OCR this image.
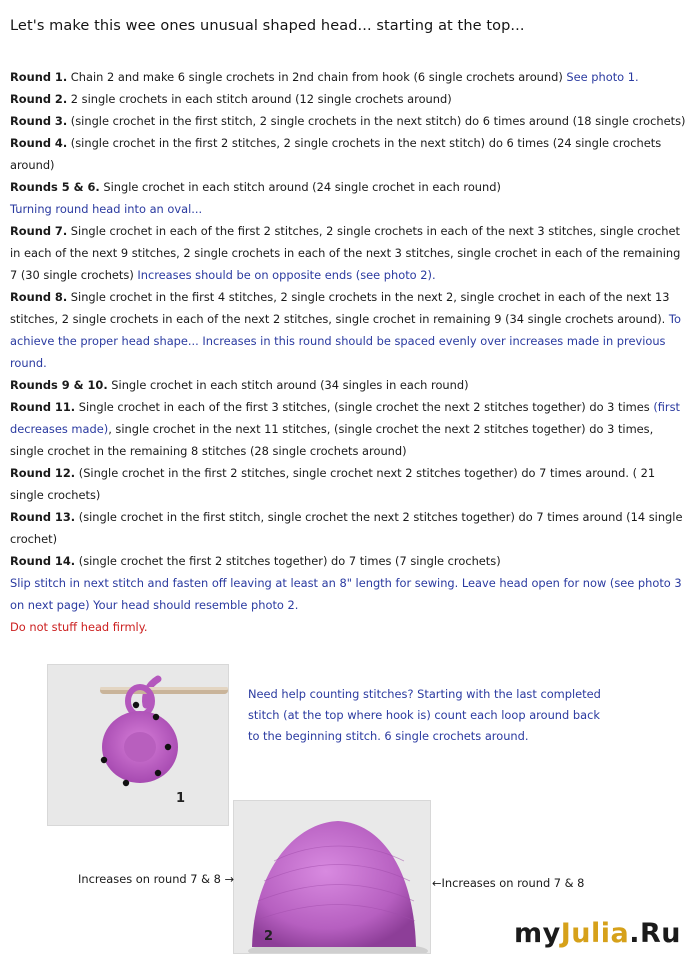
Let's make this wee ones unusual shaped head... starting at the top...

Round 1. Chain 2 and make 6 single crochets in 2nd chain from hook (6 single crochets around) See photo 1.

Round 2. 2 single crochets in each stitch around (12 single crochets around)

Round 3. (single crochet in the first stitch, 2 single crochets in the next stitch) do 6 times around (18 single crochets)

Round 4. (single crochet in the first 2 stitches, 2 single crochets in the next stitch) do 6 times (24 single crochets around)

Rounds 5 & 6. Single crochet in each stitch around (24 single crochet in each round)

Turning round head into an oval...

Round 7. Single crochet in each of the first 2 stitches, 2 single crochets in each of the next 3 stitches, single crochet in each of the next 9 stitches, 2 single crochets in each of the next 3 stitches, single crochet in each of the remaining 7 (30 single crochets) Increases should be on opposite ends (see photo 2).

Round 8. Single crochet in the first 4 stitches, 2 single crochets in the next 2, single crochet in each of the next 13 stitches, 2 single crochets in each of the next 2 stitches, single crochet in remaining 9 (34 single crochets around). To achieve the proper head shape... Increases in this round should be spaced evenly over increases made in previous round.

Rounds 9 & 10. Single crochet in each stitch around (34 singles in each round)

Round 11. Single crochet in each of the first 3 stitches, (single crochet the next 2 stitches together) do 3 times (first decreases made), single crochet in the next 11 stitches, (single crochet the next 2 stitches together) do 3 times, single crochet in the remaining 8 stitches (28 single crochets around)

Round 12. (Single crochet in the first 2 stitches, single crochet next 2 stitches together) do 7 times around. ( 21 single crochets)

Round 13. (single crochet in the first stitch, single crochet the next 2 stitches together) do 7 times around (14 single crochet)

Round 14. (single crochet the first 2 stitches together) do 7 times (7 single crochets)

Slip stitch in next stitch and fasten off leaving at least an 8" length for sewing. Leave head open for now (see photo 3 on next page) Your head should resemble photo 2.

Do not stuff head firmly.

1
Need help counting stitches? Starting with the last completed stitch (at the top where hook is) count each loop around back to the beginning stitch. 6 single crochets around.
2
Increases on round 7 & 8 →	←Increases on round 7 & 8
myJulia.Ru
